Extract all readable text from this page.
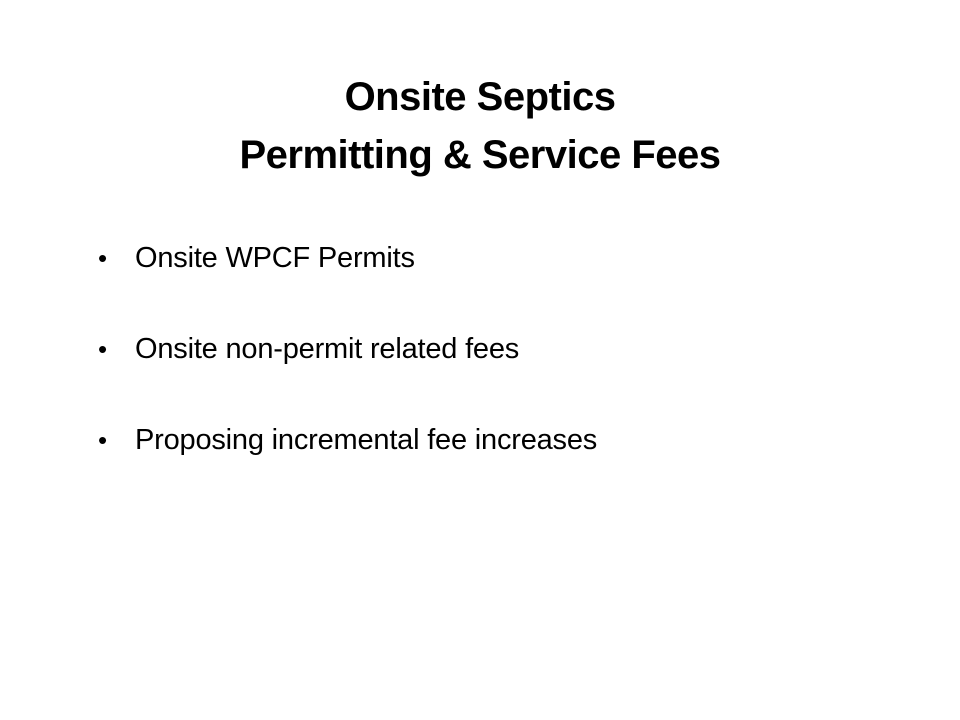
Onsite Septics
Permitting & Service Fees
• Onsite WPCF Permits
• Onsite non-permit related fees
• Proposing incremental fee increases
